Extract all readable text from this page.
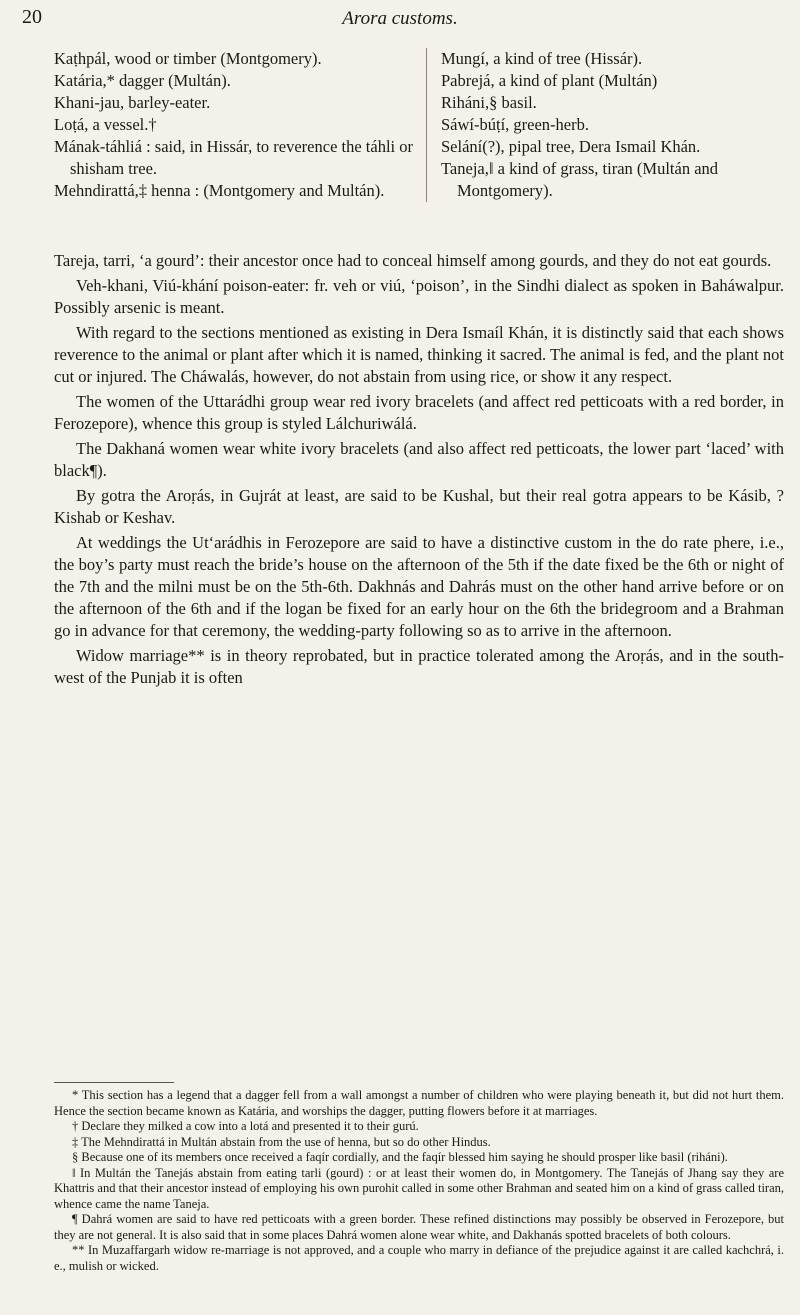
20	Arora customs.

Kaṭhpál, wood or timber (Montgomery).

Katária,* dagger (Multán).

Khani-jau, barley-eater.

Loṭá, a vessel.†

Mának-táhliá : said, in Hissár, to reverence the táhli or shisham tree.

Mehndirattá,‡ henna : (Montgomery and Multán).

Mungí, a kind of tree (Hissár).

Pabrejá, a kind of plant (Multán)

Riháni,§ basil.

Sáwí-búṭí, green-herb.

Selání(?), pipal tree, Dera Ismail Khán.

Taneja,‖ a kind of grass, tiran (Multán and Montgomery).

Tareja, tarri, ‘a gourd’: their ancestor once had to conceal himself among gourds, and they do not eat gourds.

Veh-khani, Viú-khání poison-eater: fr. veh or viú, ‘poison’, in the Sindhi dialect as spoken in Baháwalpur. Possibly arsenic is meant.

With regard to the sections mentioned as existing in Dera Ismaíl Khán, it is distinctly said that each shows reverence to the animal or plant after which it is named, thinking it sacred. The animal is fed, and the plant not cut or injured. The Cháwalás, however, do not abstain from using rice, or show it any respect.

The women of the Uttarádhi group wear red ivory bracelets (and affect red petticoats with a red border, in Ferozepore), whence this group is styled Lálchuriwálá.

The Dakhaná women wear white ivory bracelets (and also affect red petticoats, the lower part ‘laced’ with black¶).

By gotra the Aroṛás, in Gujrát at least, are said to be Kushal, but their real gotra appears to be Kásib, ? Kishab or Keshav.

At weddings the Ut‘arádhis in Ferozepore are said to have a distinctive custom in the do rate phere, i.e., the boy’s party must reach the bride’s house on the afternoon of the 5th if the date fixed be the 6th or night of the 7th and the milni must be on the 5th-6th. Dakhnás and Dahrás must on the other hand arrive before or on the afternoon of the 6th and if the logan be fixed for an early hour on the 6th the bridegroom and a Brahman go in advance for that ceremony, the wedding-party following so as to arrive in the afternoon.

Widow marriage** is in theory reprobated, but in practice tolerated among the Aroṛás, and in the south-west of the Punjab it is often

* This section has a legend that a dagger fell from a wall amongst a number of children who were playing beneath it, but did not hurt them. Hence the section became known as Katária, and worships the dagger, putting flowers before it at marriages.

† Declare they milked a cow into a lotá and presented it to their gurú.

‡ The Mehndirattá in Multán abstain from the use of henna, but so do other Hindus.

§ Because one of its members once received a faqír cordially, and the faqír blessed him saying he should prosper like basil (riháni).

‖ In Multán the Tanejás abstain from eating tarli (gourd) : or at least their women do, in Montgomery. The Tanejás of Jhang say they are Khattris and that their ancestor instead of employing his own purohit called in some other Brahman and seated him on a kind of grass called tiran, whence came the name Taneja.

¶ Dahrá women are said to have red petticoats with a green border. These refined distinctions may possibly be observed in Ferozepore, but they are not general. It is also said that in some places Dahrá women alone wear white, and Dakhanás spotted bracelets of both colours.

** In Muzaffargarh widow re-marriage is not approved, and a couple who marry in defiance of the prejudice against it are called kachchrá, i. e., mulish or wicked.
